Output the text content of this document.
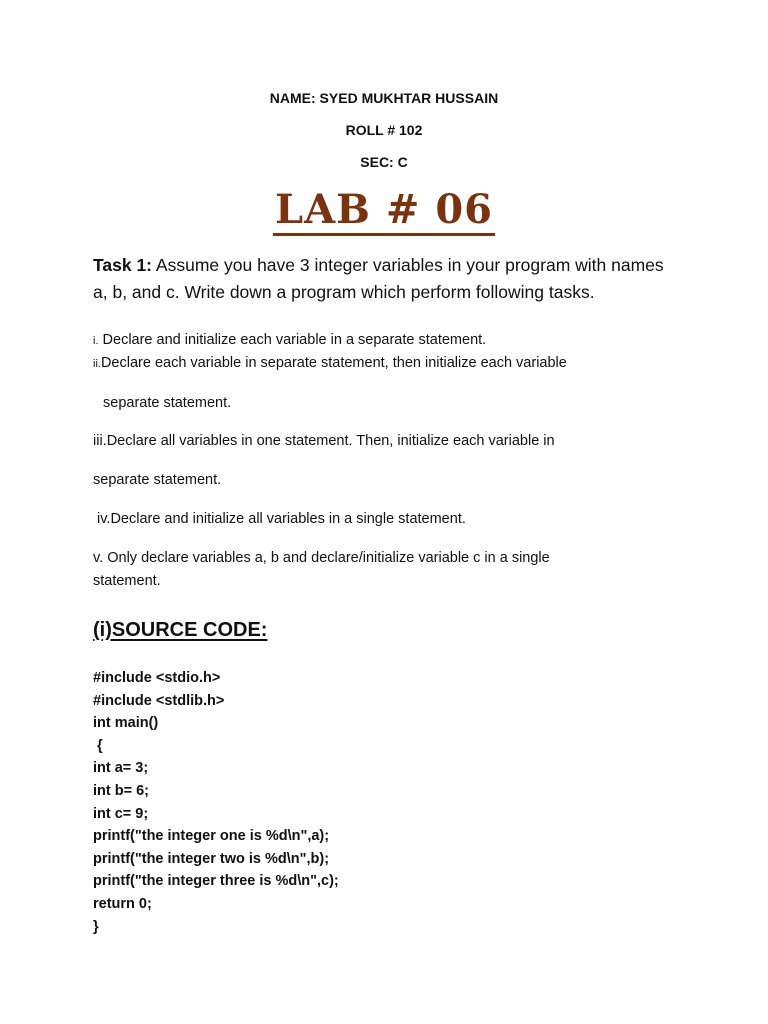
NAME: SYED MUKHTAR HUSSAIN
ROLL # 102
SEC: C
LAB # 06
Task 1: Assume you have 3 integer variables in your program with names a, b, and c. Write down a program which perform following tasks.
i. Declare and initialize each variable in a separate statement.
ii.Declare each variable in separate statement, then initialize each variable
separate statement.
iii.Declare all variables in one statement. Then, initialize each variable in
separate statement.
iv.Declare and initialize all variables in a single statement.
v. Only declare variables a, b and declare/initialize variable c in a single
statement.
(i)SOURCE CODE:
#include <stdio.h>
#include <stdlib.h>
int main()
{
int a= 3;
int b= 6;
int c= 9;
printf("the integer one is %d\n",a);
printf("the integer two is %d\n",b);
printf("the integer three is %d\n",c);
return 0;
}
